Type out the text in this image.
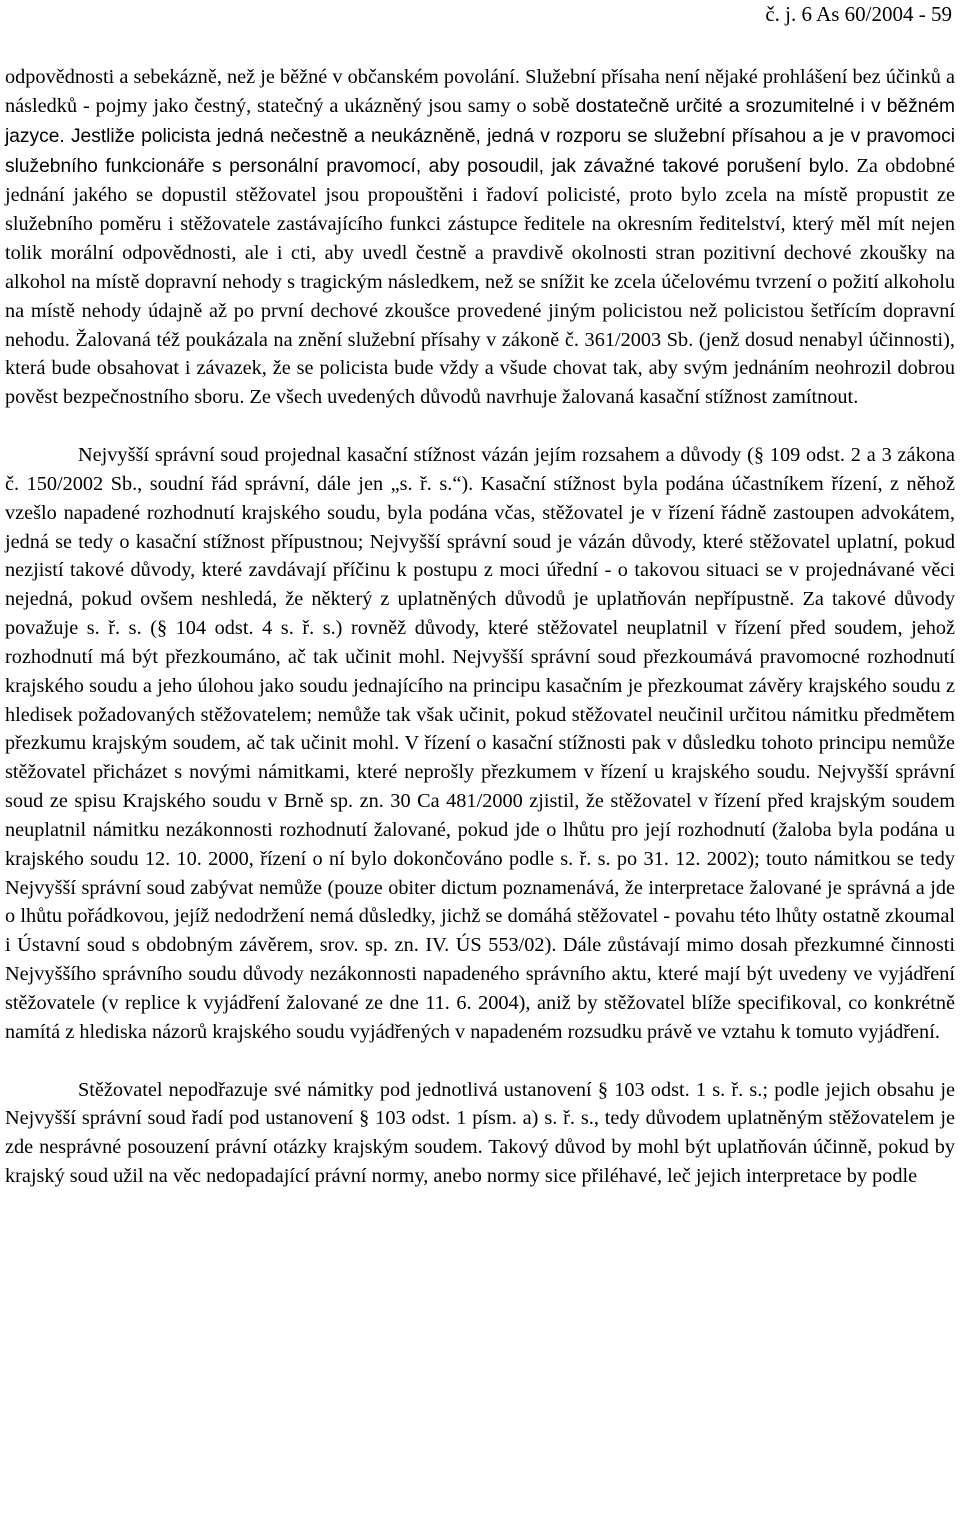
č. j. 6 As 60/2004 - 59

odpovědnosti a sebekázně, než je běžné v občanském povolání. Služební přísaha není nějaké prohlášení bez účinků a následků - pojmy jako čestný, statečný a ukázněný jsou samy o sobě dostatečně určité a srozumitelné i v běžném jazyce. Jestliže policista jedná nečestně a neukázněně, jedná v rozporu se služební přísahou a je v pravomoci služebního funkcionáře s personální pravomocí, aby posoudil, jak závažné takové porušení bylo. Za obdobné jednání jakého se dopustil stěžovatel jsou propouštěni i řadoví policisté, proto bylo zcela na místě propustit ze služebního poměru i stěžovatele zastávajícího funkci zástupce ředitele na okresním ředitelství, který měl mít nejen tolik morální odpovědnosti, ale i cti, aby uvedl čestně a pravdivě okolnosti stran pozitivní dechové zkoušky na alkohol na místě dopravní nehody s tragickým následkem, než se snížit ke zcela účelovému tvrzení o požití alkoholu na místě nehody údajně až po první dechové zkoušce provedené jiným policistou než policistou šetřícím dopravní nehodu. Žalovaná též poukázala na znění služební přísahy v zákoně č. 361/2003 Sb. (jenž dosud nenabyl účinnosti), která bude obsahovat i závazek, že se policista bude vždy a všude chovat tak, aby svým jednáním neohrozil dobrou pověst bezpečnostního sboru. Ze všech uvedených důvodů navrhuje žalovaná kasační stížnost zamítnout.

Nejvyšší správní soud projednal kasační stížnost vázán jejím rozsahem a důvody (§ 109 odst. 2 a 3 zákona č. 150/2002 Sb., soudní řád správní, dále jen „s. ř. s.“). Kasační stížnost byla podána účastníkem řízení, z něhož vzešlo napadené rozhodnutí krajského soudu, byla podána včas, stěžovatel je v řízení řádně zastoupen advokátem, jedná se tedy o kasační stížnost přípustnou; Nejvyšší správní soud je vázán důvody, které stěžovatel uplatní, pokud nezjistí takové důvody, které zavdávají příčinu k postupu z moci úřední - o takovou situaci se v projednávané věci nejedná, pokud ovšem neshledá, že některý z uplatněných důvodů je uplatňován nepřípustně. Za takové důvody považuje s. ř. s. (§ 104 odst. 4 s. ř. s.) rovněž důvody, které stěžovatel neuplatnil v řízení před soudem, jehož rozhodnutí má být přezkoumáno, ač tak učinit mohl. Nejvyšší správní soud přezkoumává pravomocné rozhodnutí krajského soudu a jeho úlohou jako soudu jednajícího na principu kasačním je přezkoumat závěry krajského soudu z hledisek požadovaných stěžovatelem; nemůže tak však učinit, pokud stěžovatel neučinil určitou námitku předmětem přezkumu krajským soudem, ač tak učinit mohl. V řízení o kasační stížnosti pak v důsledku tohoto principu nemůže stěžovatel přicházet s novými námitkami, které neprošly přezkumem v řízení u krajského soudu. Nejvyšší správní soud ze spisu Krajského soudu v Brně sp. zn. 30 Ca 481/2000 zjistil, že stěžovatel v řízení před krajským soudem neuplatnil námitku nezákonnosti rozhodnutí žalované, pokud jde o lhůtu pro její rozhodnutí (žaloba byla podána u krajského soudu 12. 10. 2000, řízení o ní bylo dokončováno podle s. ř. s. po 31. 12. 2002); touto námitkou se tedy Nejvyšší správní soud zabývat nemůže (pouze obiter dictum poznamenává, že interpretace žalované je správná a jde o lhůtu pořádkovou, jejíž nedodržení nemá důsledky, jichž se domáhá stěžovatel - povahu této lhůty ostatně zkoumal i Ústavní soud s obdobným závěrem, srov. sp. zn. IV. ÚS 553/02). Dále zůstávají mimo dosah přezkumné činnosti Nejvyššího správního soudu důvody nezákonnosti napadeného správního aktu, které mají být uvedeny ve vyjádření stěžovatele (v replice k vyjádření žalované ze dne 11. 6. 2004), aniž by stěžovatel blíže specifikoval, co konkrétně namítá z hlediska názorů krajského soudu vyjádřených v napadeném rozsudku právě ve vztahu k tomuto vyjádření.

Stěžovatel nepodřazuje své námitky pod jednotlivá ustanovení § 103 odst. 1 s. ř. s.; podle jejich obsahu je Nejvyšší správní soud řadí pod ustanovení § 103 odst. 1 písm. a) s. ř. s., tedy důvodem uplatněným stěžovatelem je zde nesprávné posouzení právní otázky krajským soudem. Takový důvod by mohl být uplatňován účinně, pokud by krajský soud užil na věc nedopadající právní normy, anebo normy sice přiléhavé, leč jejich interpretace by podle
